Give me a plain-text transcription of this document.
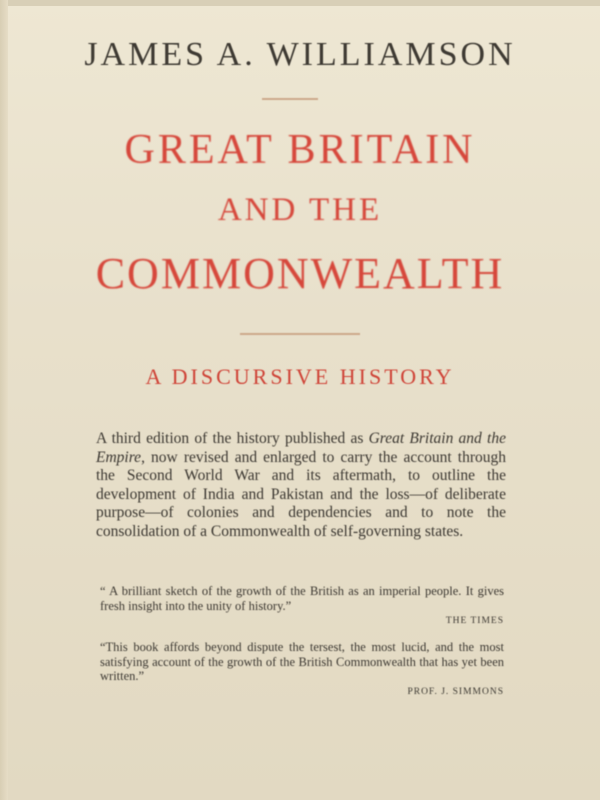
JAMES A. WILLIAMSON
GREAT BRITAIN
AND THE
COMMONWEALTH
A DISCURSIVE HISTORY

A third edition of the history published as Great Britain and the Empire, now revised and enlarged to carry the account through the Second World War and its aftermath, to outline the development of India and Pakistan and the loss—of deliberate purpose—of colonies and dependencies and to note the consolidation of a Commonwealth of self-governing states.

“ A brilliant sketch of the growth of the British as an imperial people. It gives fresh insight into the unity of history.”
THE TIMES

“This book affords beyond dispute the tersest, the most lucid, and the most satisfying account of the growth of the British Commonwealth that has yet been written.”
PROF. J. SIMMONS
